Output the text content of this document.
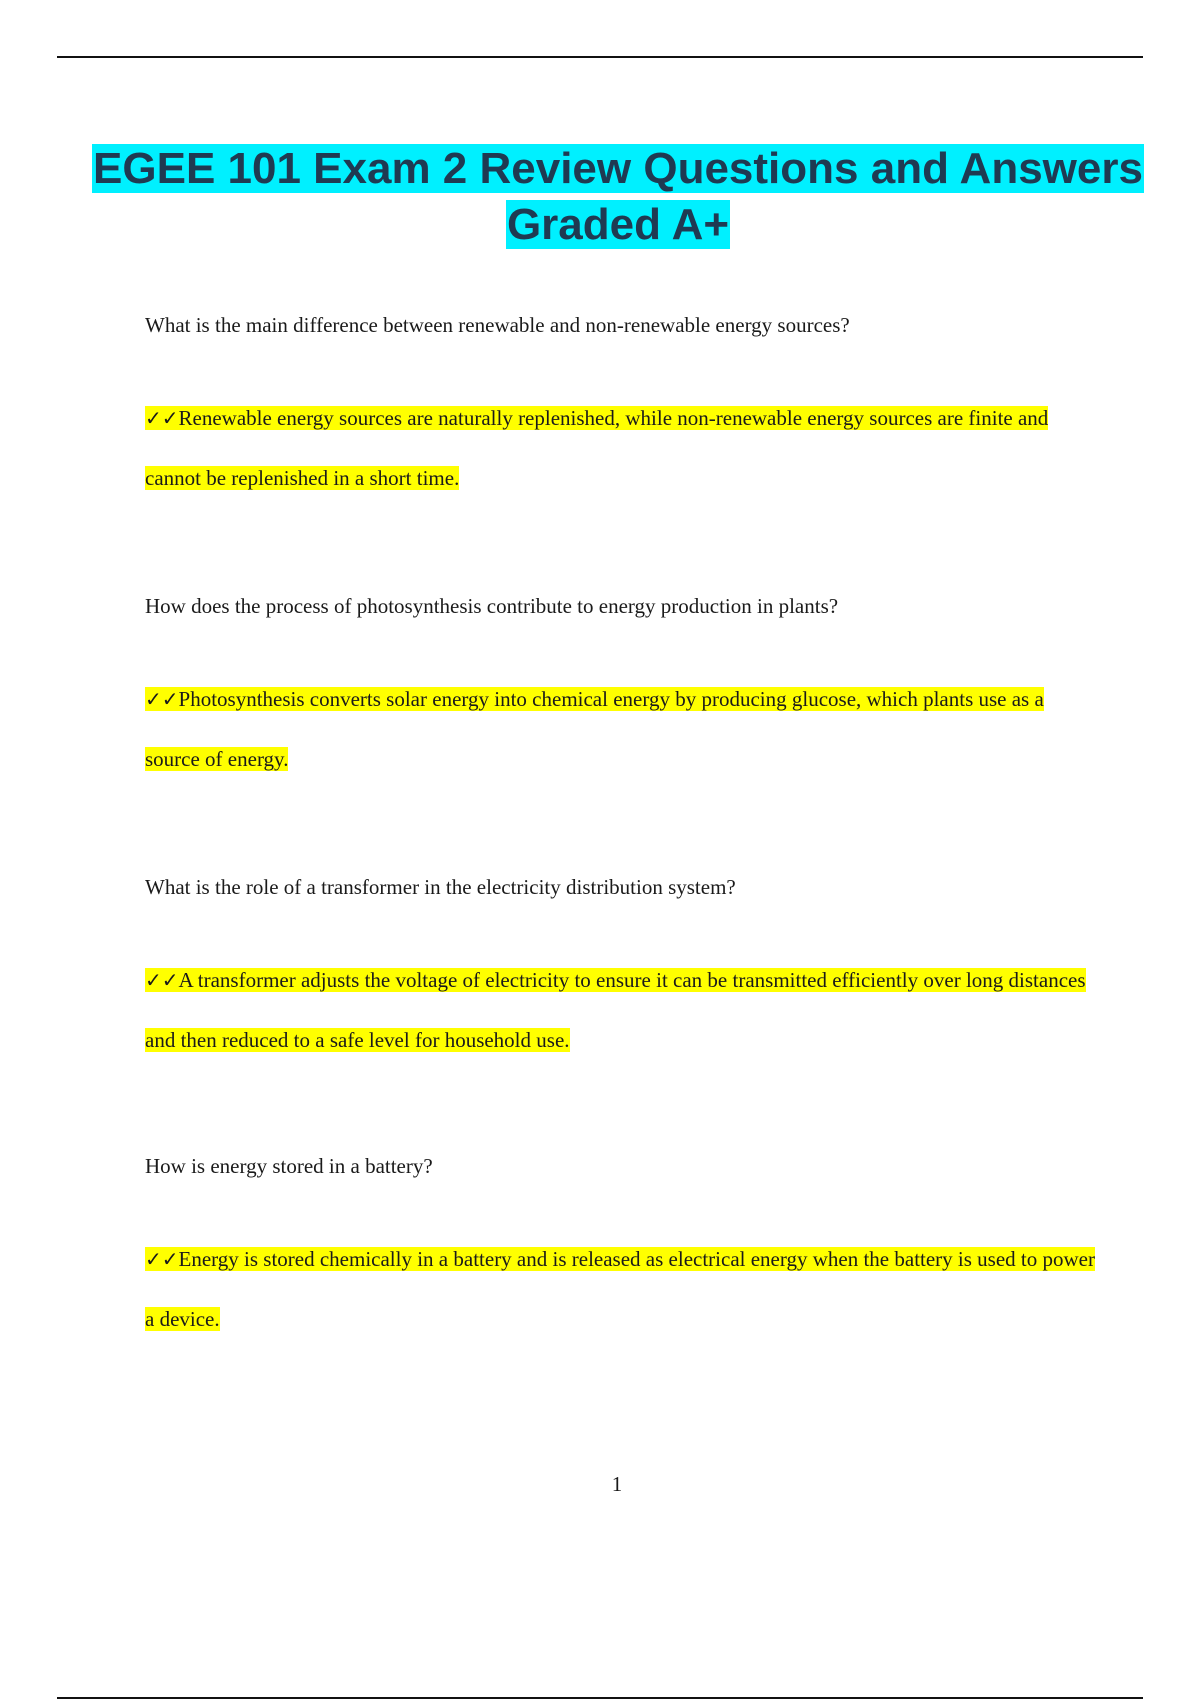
EGEE 101 Exam 2 Review Questions and Answers Graded A+

What is the main difference between renewable and non-renewable energy sources?

✓✓Renewable energy sources are naturally replenished, while non-renewable energy sources are finite and cannot be replenished in a short time.

How does the process of photosynthesis contribute to energy production in plants?

✓✓Photosynthesis converts solar energy into chemical energy by producing glucose, which plants use as a source of energy.

What is the role of a transformer in the electricity distribution system?

✓✓A transformer adjusts the voltage of electricity to ensure it can be transmitted efficiently over long distances and then reduced to a safe level for household use.

How is energy stored in a battery?

✓✓Energy is stored chemically in a battery and is released as electrical energy when the battery is used to power a device.
1
